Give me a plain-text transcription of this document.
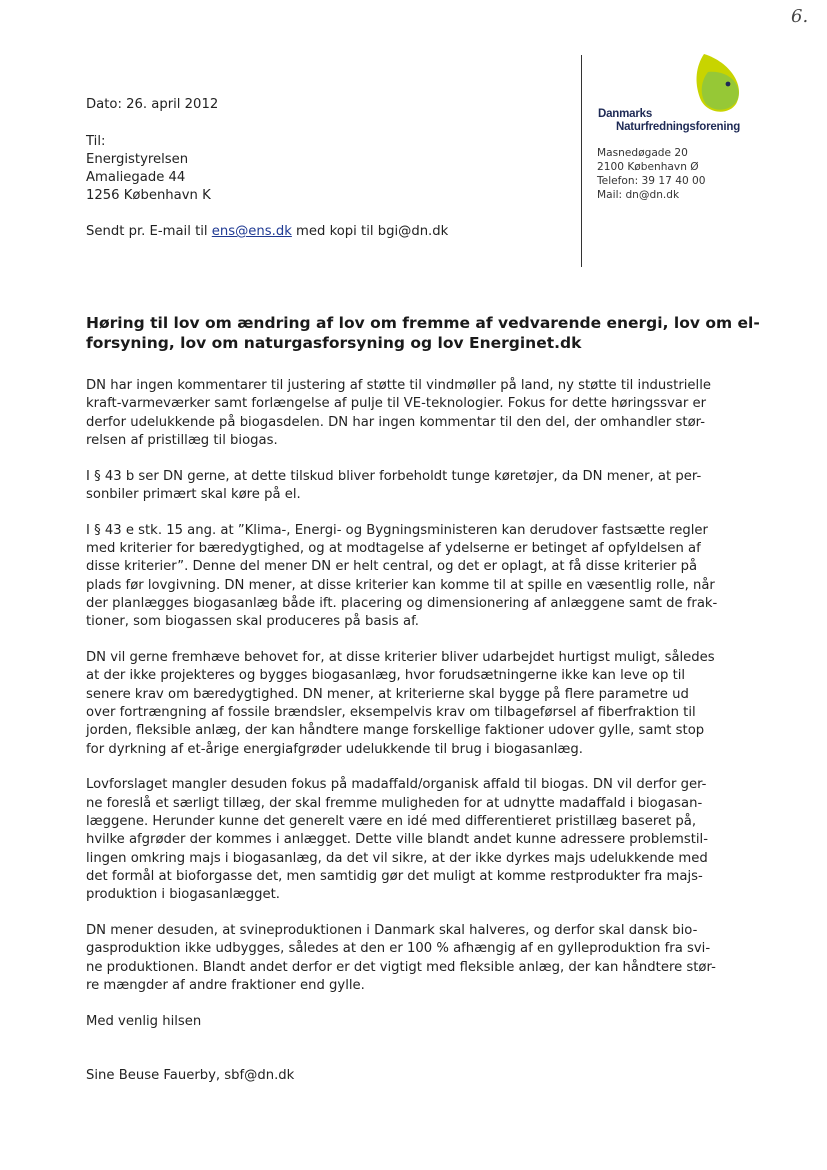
6.
Dato: 26. april 2012

Til:

Energistyrelsen

Amaliegade 44

1256 København K

Sendt pr. E-mail til ens@ens.dk med kopi til bgi@dn.dk
Danmarks
Naturfredningsforening
Masnedøgade 20
2100 København Ø
Telefon: 39 17 40 00
Mail: dn@dn.dk
Høring til lov om ændring af lov om fremme af vedvarende energi, lov om el-
forsyning, lov om naturgasforsyning og lov Energinet.dk

DN har ingen kommentarer til justering af støtte til vindmøller på land, ny støtte til industrielle
kraft-varmeværker samt forlængelse af pulje til VE-teknologier. Fokus for dette høringssvar er
derfor udelukkende på biogasdelen. DN har ingen kommentar til den del, der omhandler stør-
relsen af pristillæg til biogas.

I § 43 b ser DN gerne, at dette tilskud bliver forbeholdt tunge køretøjer, da DN mener, at per-
sonbiler primært skal køre på el.

I § 43 e stk. 15 ang. at ”Klima-, Energi- og Bygningsministeren kan derudover fastsætte regler
med kriterier for bæredygtighed, og at modtagelse af ydelserne er betinget af opfyldelsen af
disse kriterier”. Denne del mener DN er helt central, og det er oplagt, at få disse kriterier på
plads før lovgivning. DN mener, at disse kriterier kan komme til at spille en væsentlig rolle, når
der planlægges biogasanlæg både ift. placering og dimensionering af anlæggene samt de frak-
tioner, som biogassen skal produceres på basis af.

DN vil gerne fremhæve behovet for, at disse kriterier bliver udarbejdet hurtigst muligt, således
at der ikke projekteres og bygges biogasanlæg, hvor forudsætningerne ikke kan leve op til
senere krav om bæredygtighed. DN mener, at kriterierne skal bygge på flere parametre ud
over fortrængning af fossile brændsler, eksempelvis krav om tilbageførsel af fiberfraktion til
jorden, fleksible anlæg, der kan håndtere mange forskellige faktioner udover gylle, samt stop
for dyrkning af et-årige energiafgrøder udelukkende til brug i biogasanlæg.

Lovforslaget mangler desuden fokus på madaffald/organisk affald til biogas. DN vil derfor ger-
ne foreslå et særligt tillæg, der skal fremme muligheden for at udnytte madaffald i biogasan-
læggene. Herunder kunne det generelt være en idé med differentieret pristillæg baseret på,
hvilke afgrøder der kommes i anlægget. Dette ville blandt andet kunne adressere problemstil-
lingen omkring majs i biogasanlæg, da det vil sikre, at der ikke dyrkes majs udelukkende med
det formål at bioforgasse det, men samtidig gør det muligt at komme restprodukter fra majs-
produktion i biogasanlægget.

DN mener desuden, at svineproduktionen i Danmark skal halveres, og derfor skal dansk bio-
gasproduktion ikke udbygges, således at den er 100 % afhængig af en gylleproduktion fra svi-
ne produktionen. Blandt andet derfor er det vigtigt med fleksible anlæg, der kan håndtere stør-
re mængder af andre fraktioner end gylle.

Med venlig hilsen

Sine Beuse Fauerby, sbf@dn.dk
